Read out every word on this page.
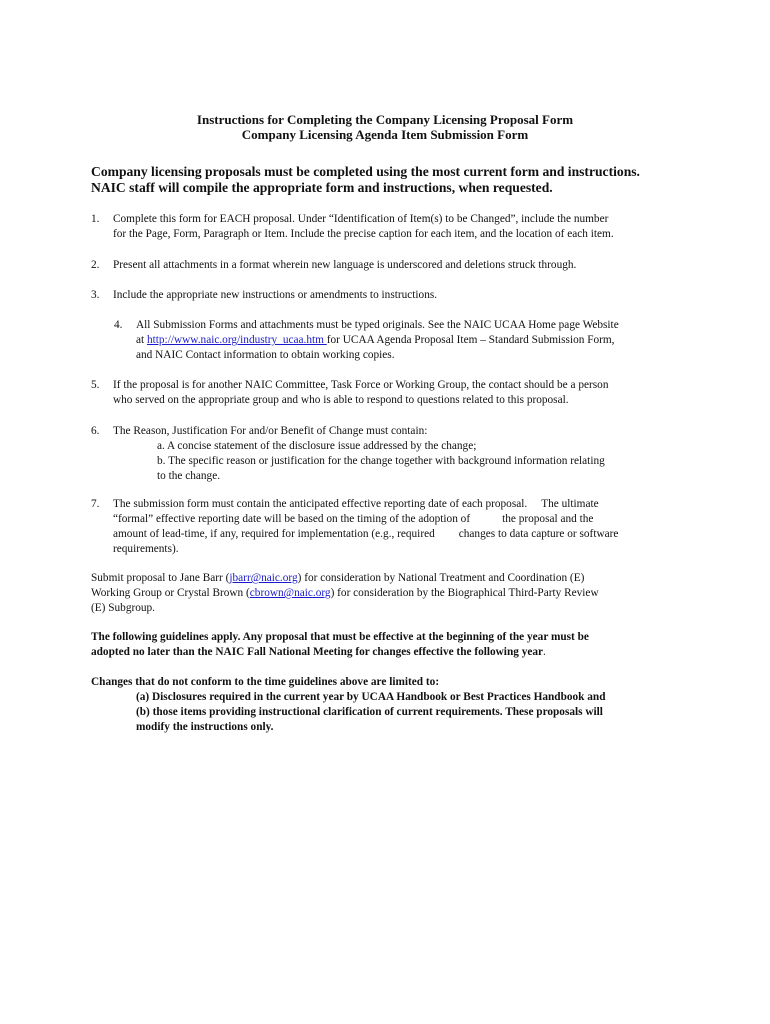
Instructions for Completing the Company Licensing Proposal Form
Company Licensing Agenda Item Submission Form
Company licensing proposals must be completed using the most current form and instructions.
NAIC staff will compile the appropriate form and instructions, when requested.
1. Complete this form for EACH proposal. Under “Identification of Item(s) to be Changed”, include the number
for the Page, Form, Paragraph or Item. Include the precise caption for each item, and the location of each item.
2. Present all attachments in a format wherein new language is underscored and deletions struck through.
3. Include the appropriate new instructions or amendments to instructions.
4. All Submission Forms and attachments must be typed originals. See the NAIC UCAA Home page Website
at http://www.naic.org/industry_ucaa.htm for UCAA Agenda Proposal Item – Standard Submission Form,
and NAIC Contact information to obtain working copies.
5. If the proposal is for another NAIC Committee, Task Force or Working Group, the contact should be a person
who served on the appropriate group and who is able to respond to questions related to this proposal.
6. The Reason, Justification For and/or Benefit of Change must contain:
a. A concise statement of the disclosure issue addressed by the change;
b. The specific reason or justification for the change together with background information relating
to the change.
7. The submission form must contain the anticipated effective reporting date of each proposal. The ultimate
“formal” effective reporting date will be based on the timing of the adoption of	the proposal and the
amount of lead-time, if any, required for implementation (e.g., required changes to data capture or software
requirements).
Submit proposal to Jane Barr (jbarr@naic.org) for consideration by National Treatment and Coordination (E)
Working Group or Crystal Brown (cbrown@naic.org) for consideration by the Biographical Third-Party Review
(E) Subgroup.
The following guidelines apply. Any proposal that must be effective at the beginning of the year must be
adopted no later than the NAIC Fall National Meeting for changes effective the following year.
Changes that do not conform to the time guidelines above are limited to:
(a) Disclosures required in the current year by UCAA Handbook or Best Practices Handbook and
(b) those items providing instructional clarification of current requirements. These proposals will
modify the instructions only.
